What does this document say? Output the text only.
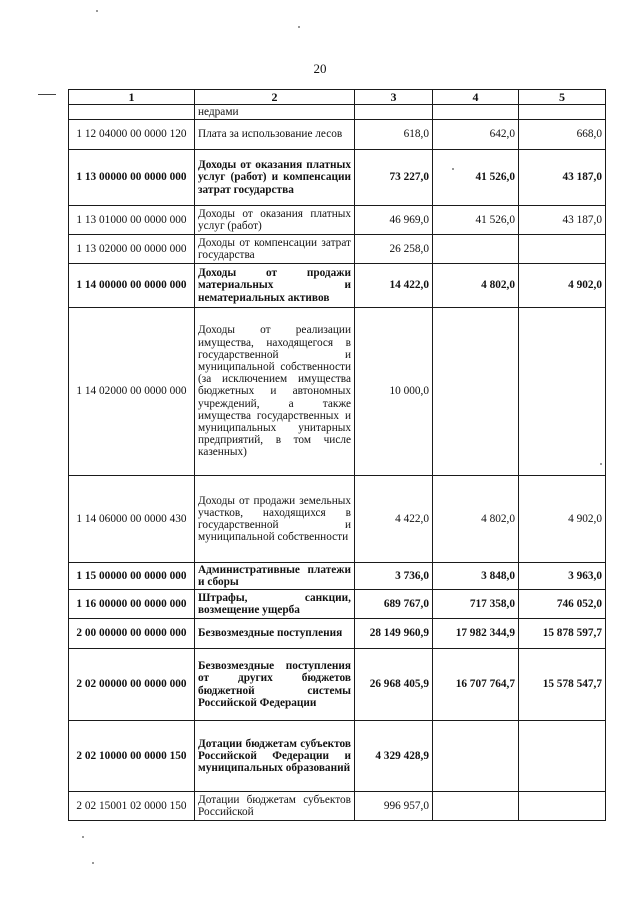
20
1	2	3	4	5
	недрами			
1 12 04000 00 0000 120	Плата за использование лесов	618,0	642,0	668,0
1 13 00000 00 0000 000	Доходы от оказания платных услуг (работ) и компенсации затрат государства	73 227,0	41 526,0	43 187,0
1 13 01000 00 0000 000	Доходы от оказания платных услуг (работ)	46 969,0	41 526,0	43 187,0
1 13 02000 00 0000 000	Доходы от компенсации затрат государства	26 258,0		
1 14 00000 00 0000 000	Доходы от продажи материальных и нематериальных активов	14 422,0	4 802,0	4 902,0
1 14 02000 00 0000 000	Доходы от реализации имущества, находящегося в государственной и муниципальной собственности (за исключением имущества бюджетных и автономных учреждений, а также имущества государственных и муниципальных унитарных предприятий, в том числе казенных)	10 000,0		
1 14 06000 00 0000 430	Доходы от продажи земельных участков, находящихся в государственной и муниципальной собственности	4 422,0	4 802,0	4 902,0
1 15 00000 00 0000 000	Административные платежи и сборы	3 736,0	3 848,0	3 963,0
1 16 00000 00 0000 000	Штрафы, санкции, возмещение ущерба	689 767,0	717 358,0	746 052,0
2 00 00000 00 0000 000	Безвозмездные поступления	28 149 960,9	17 982 344,9	15 878 597,7
2 02 00000 00 0000 000	Безвозмездные поступления от других бюджетов бюджетной системы Российской Федерации	26 968 405,9	16 707 764,7	15 578 547,7
2 02 10000 00 0000 150	Дотации бюджетам субъектов Российской Федерации и муниципальных образований	4 329 428,9		
2 02 15001 02 0000 150	Дотации бюджетам субъектов Российской	996 957,0		
